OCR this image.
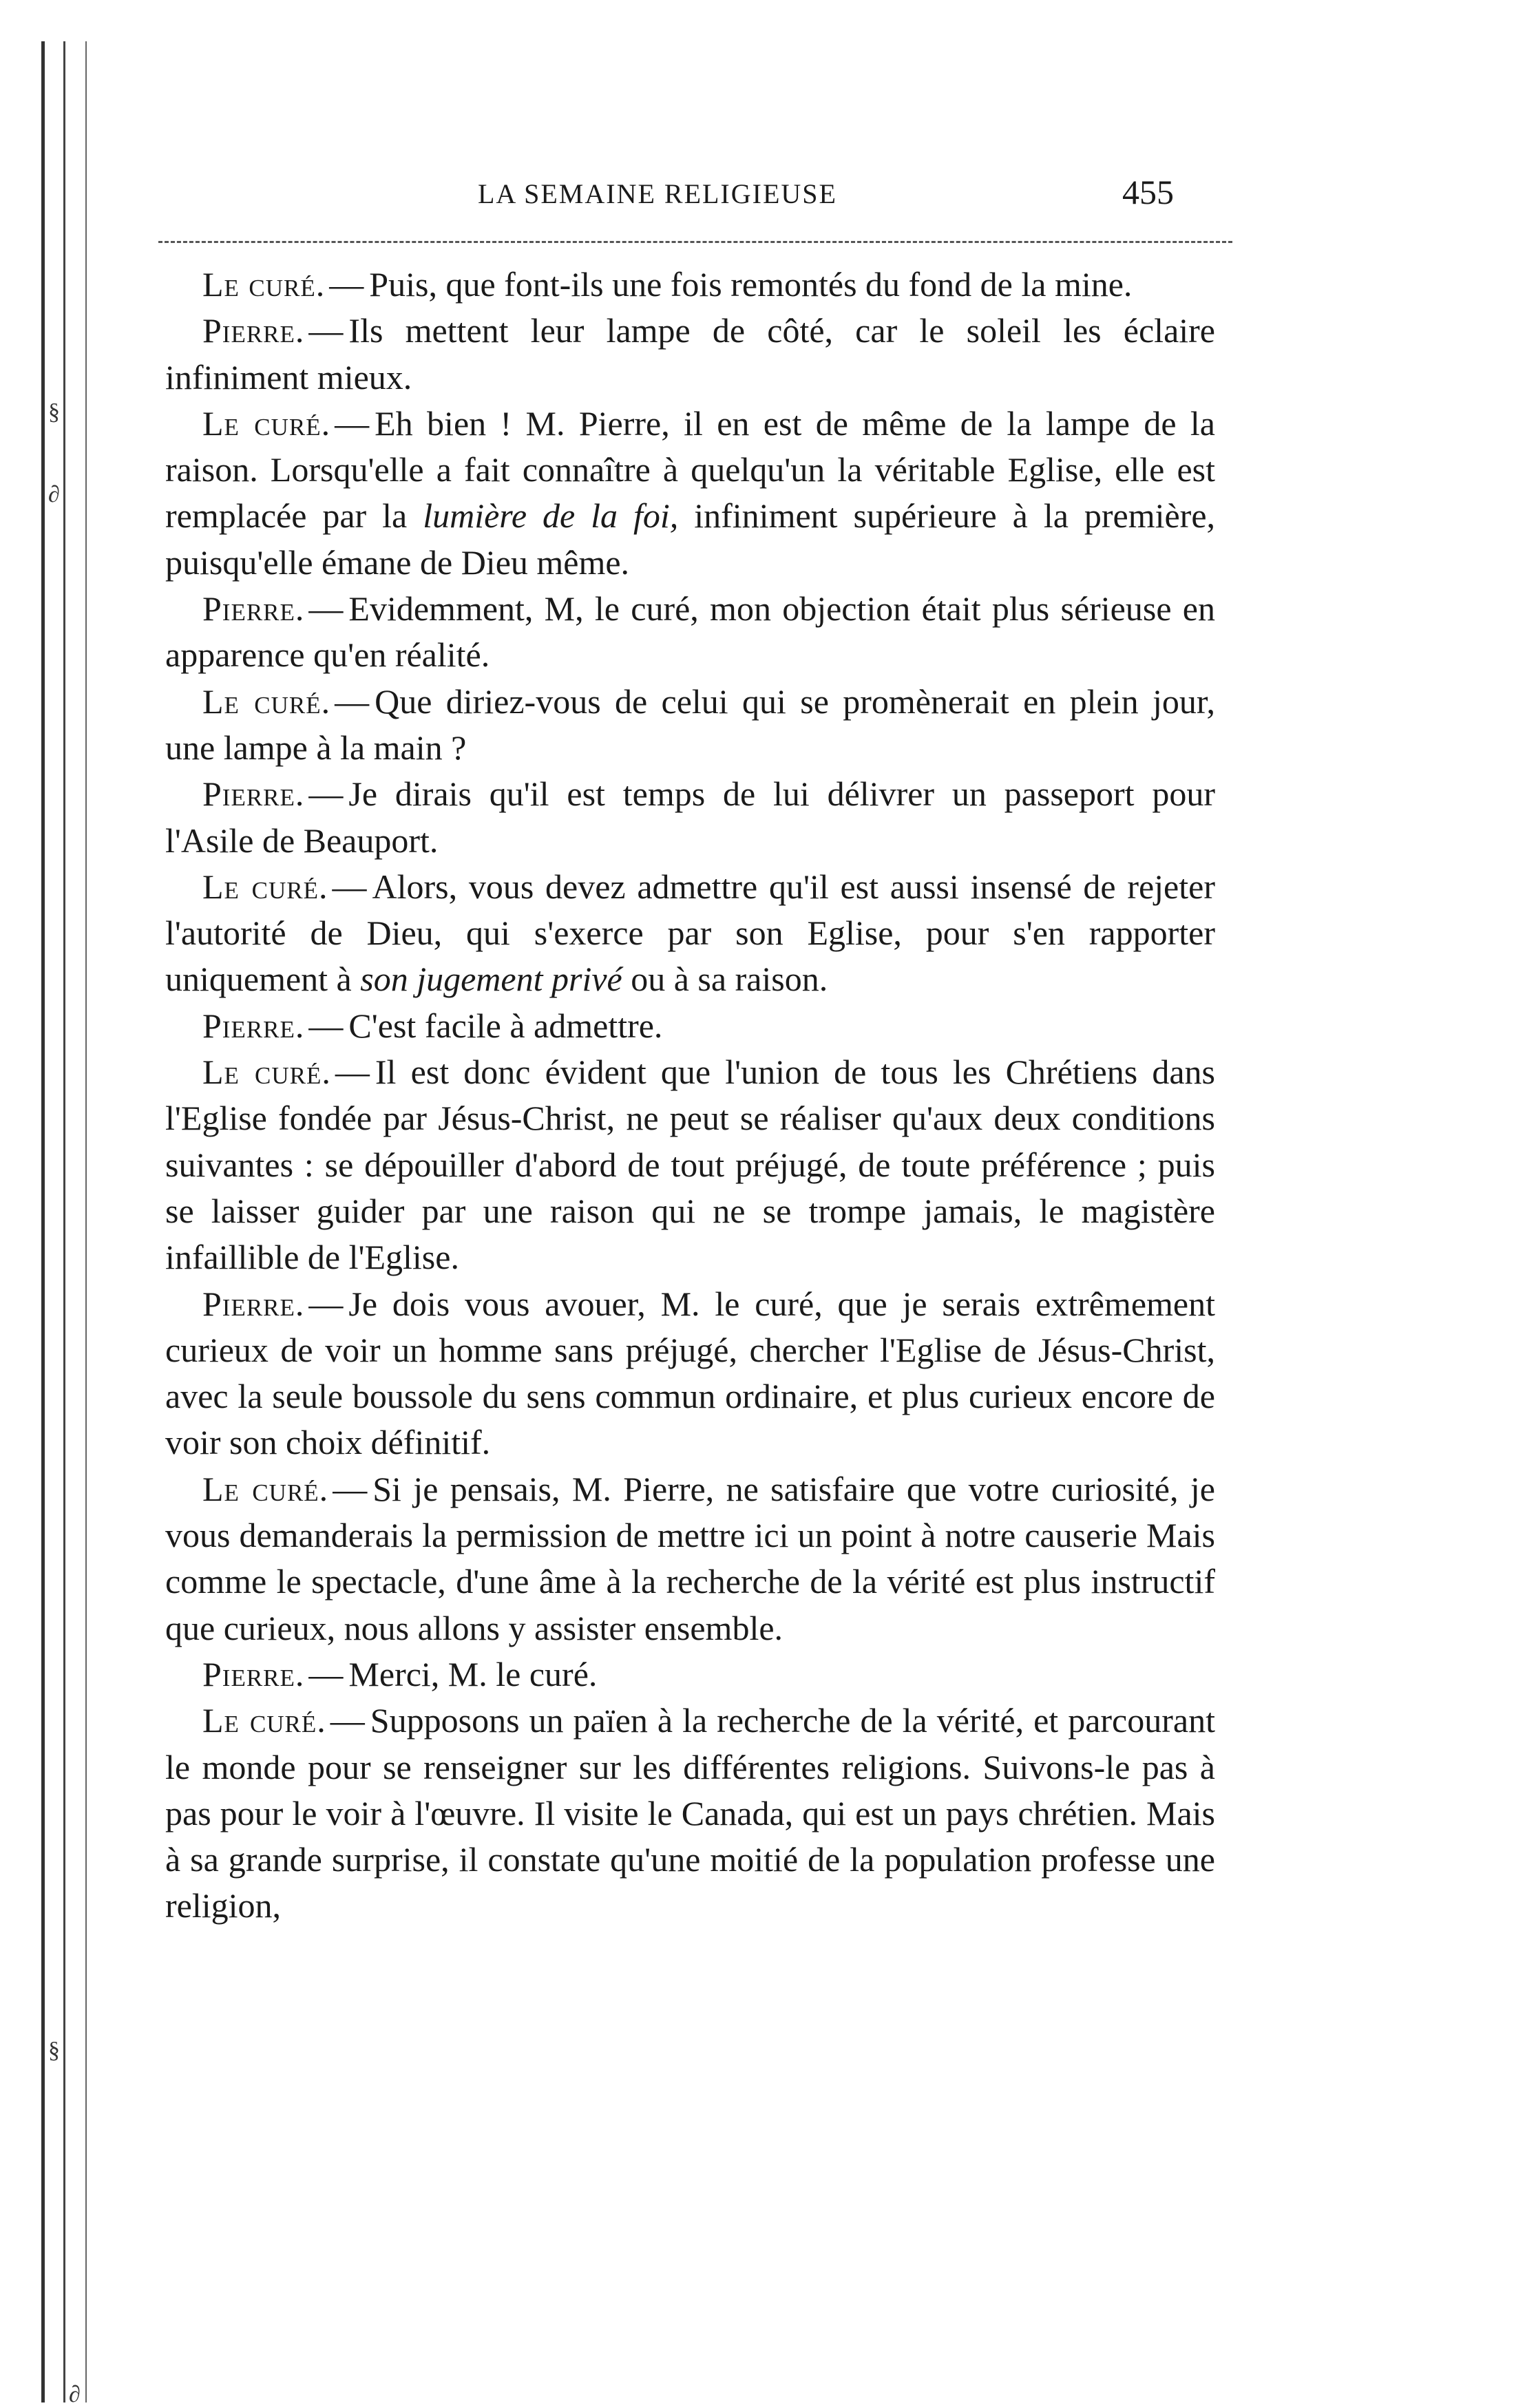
§
∂
§
∂
LA SEMAINE RELIGIEUSE	455

Le curé. — Puis, que font-ils une fois remontés du fond de la mine.

Pierre. — Ils mettent leur lampe de côté, car le soleil les éclaire infiniment mieux.

Le curé. — Eh bien ! M. Pierre, il en est de même de la lampe de la raison. Lorsqu'elle a fait connaître à quelqu'un la véritable Eglise, elle est remplacée par la lumière de la foi, infiniment supérieure à la première, puisqu'elle émane de Dieu même.

Pierre. — Evidemment, M, le curé, mon objection était plus sérieuse en apparence qu'en réalité.

Le curé. — Que diriez-vous de celui qui se promènerait en plein jour, une lampe à la main ?

Pierre. — Je dirais qu'il est temps de lui délivrer un passeport pour l'Asile de Beauport.

Le curé. — Alors, vous devez admettre qu'il est aussi insensé de rejeter l'autorité de Dieu, qui s'exerce par son Eglise, pour s'en rapporter uniquement à son jugement privé ou à sa raison.

Pierre. — C'est facile à admettre.

Le curé. — Il est donc évident que l'union de tous les Chrétiens dans l'Eglise fondée par Jésus-Christ, ne peut se réaliser qu'aux deux conditions suivantes : se dépouiller d'abord de tout préjugé, de toute préférence ; puis se laisser guider par une raison qui ne se trompe jamais, le magistère infaillible de l'Eglise.

Pierre. — Je dois vous avouer, M. le curé, que je serais extrêmement curieux de voir un homme sans préjugé, chercher l'Eglise de Jésus-Christ, avec la seule boussole du sens commun ordinaire, et plus curieux encore de voir son choix définitif.

Le curé. — Si je pensais, M. Pierre, ne satisfaire que votre curiosité, je vous demanderais la permission de mettre ici un point à notre causerie Mais comme le spectacle, d'une âme à la recherche de la vérité est plus instructif que curieux, nous allons y assister ensemble.

Pierre. — Merci, M. le curé.

Le curé. — Supposons un païen à la recherche de la vérité, et parcourant le monde pour se renseigner sur les différentes religions. Suivons-le pas à pas pour le voir à l'œuvre. Il visite le Canada, qui est un pays chrétien. Mais à sa grande surprise, il constate qu'une moitié de la population professe une religion,
